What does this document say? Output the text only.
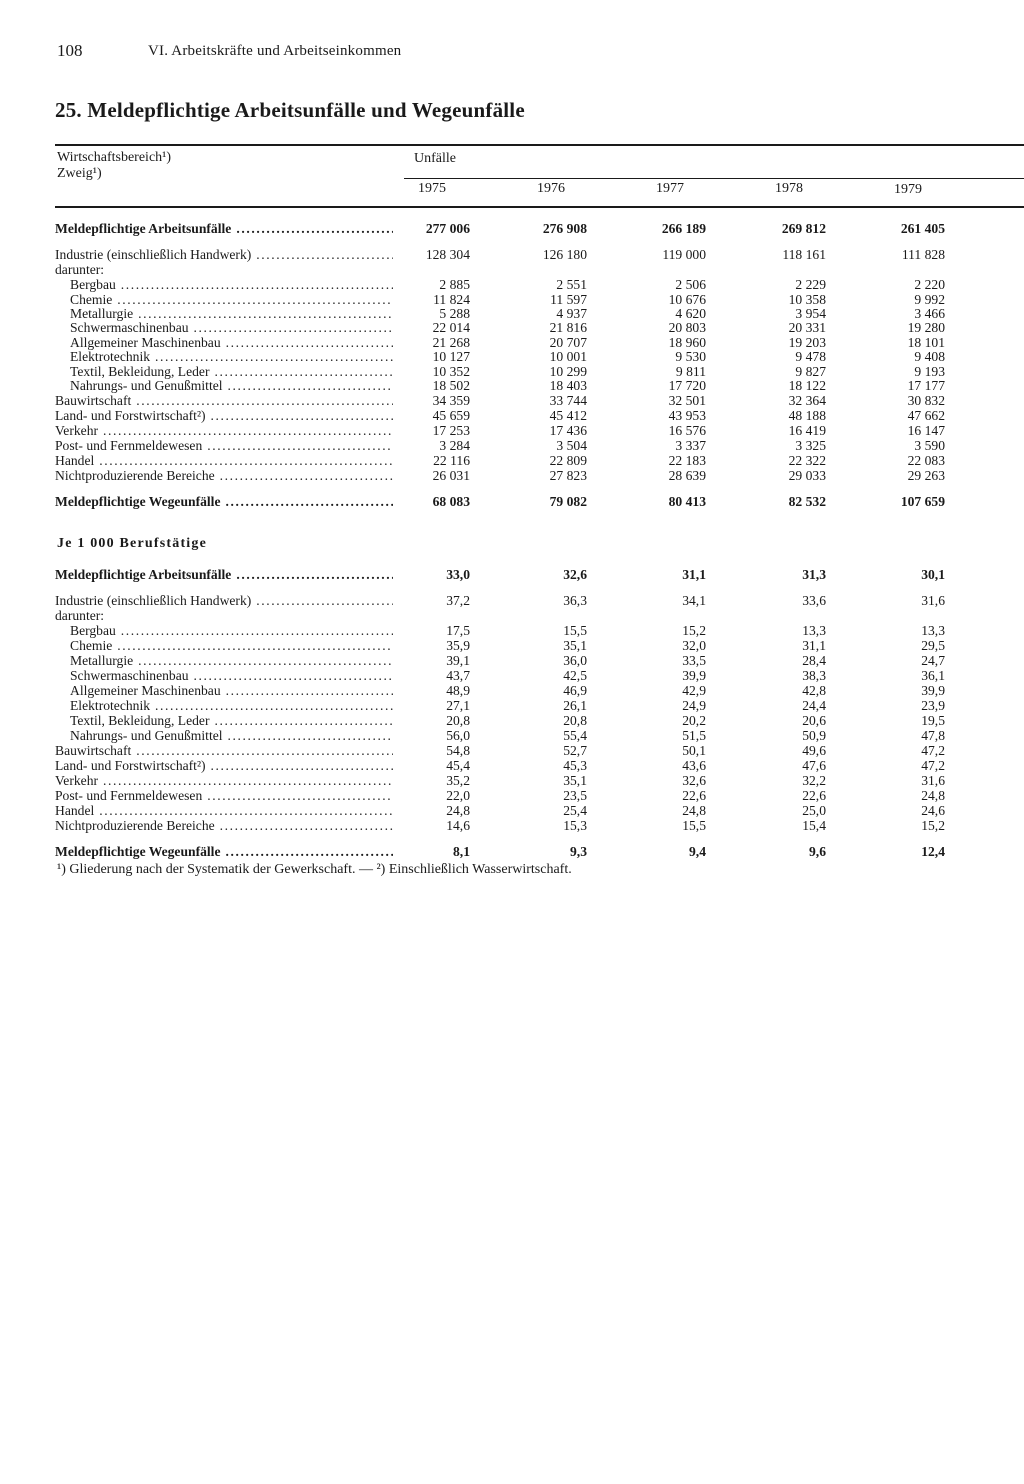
108	VI. Arbeitskräfte und Arbeitseinkommen
25. Meldepflichtige Arbeitsunfälle und Wegeunfälle
Wirtschaftsbereich¹)
Zweig¹)
Unfälle
1975	1976	1977	1978	1979
Meldepflichtige Arbeitsunfälle .....	277 006	276 908	266 189	269 812	261 405
Industrie (einschließlich Handwerk) .....	128 304	126 180	119 000	118 161	111 828
darunter:
Bergbau .....	2 885	2 551	2 506	2 229	2 220
Chemie .....	11 824	11 597	10 676	10 358	9 992
Metallurgie .....	5 288	4 937	4 620	3 954	3 466
Schwermaschinenbau .....	22 014	21 816	20 803	20 331	19 280
Allgemeiner Maschinenbau .....	21 268	20 707	18 960	19 203	18 101
Elektrotechnik .....	10 127	10 001	9 530	9 478	9 408
Textil, Bekleidung, Leder .....	10 352	10 299	9 811	9 827	9 193
Nahrungs- und Genußmittel .....	18 502	18 403	17 720	18 122	17 177
Bauwirtschaft .....	34 359	33 744	32 501	32 364	30 832
Land- und Forstwirtschaft²) .....	45 659	45 412	43 953	48 188	47 662
Verkehr .....	17 253	17 436	16 576	16 419	16 147
Post- und Fernmeldewesen .....	3 284	3 504	3 337	3 325	3 590
Handel .....	22 116	22 809	22 183	22 322	22 083
Nichtproduzierende Bereiche .....	26 031	27 823	28 639	29 033	29 263
Meldepflichtige Wegeunfälle .....	68 083	79 082	80 413	82 532	107 659
Je 1 000 Berufstätige
Meldepflichtige Arbeitsunfälle .....	33,0	32,6	31,1	31,3	30,1
Industrie (einschließlich Handwerk) .....	37,2	36,3	34,1	33,6	31,6
darunter:
Bergbau .....	17,5	15,5	15,2	13,3	13,3
Chemie .....	35,9	35,1	32,0	31,1	29,5
Metallurgie .....	39,1	36,0	33,5	28,4	24,7
Schwermaschinenbau .....	43,7	42,5	39,9	38,3	36,1
Allgemeiner Maschinenbau .....	48,9	46,9	42,9	42,8	39,9
Elektrotechnik .....	27,1	26,1	24,9	24,4	23,9
Textil, Bekleidung, Leder .....	20,8	20,8	20,2	20,6	19,5
Nahrungs- und Genußmittel .....	56,0	55,4	51,5	50,9	47,8
Bauwirtschaft .....	54,8	52,7	50,1	49,6	47,2
Land- und Forstwirtschaft²) .....	45,4	45,3	43,6	47,6	47,2
Verkehr .....	35,2	35,1	32,6	32,2	31,6
Post- und Fernmeldewesen .....	22,0	23,5	22,6	22,6	24,8
Handel .....	24,8	25,4	24,8	25,0	24,6
Nichtproduzierende Bereiche .....	14,6	15,3	15,5	15,4	15,2
Meldepflichtige Wegeunfälle .....	8,1	9,3	9,4	9,6	12,4
¹) Gliederung nach der Systematik der Gewerkschaft. — ²) Einschließlich Wasserwirtschaft.
